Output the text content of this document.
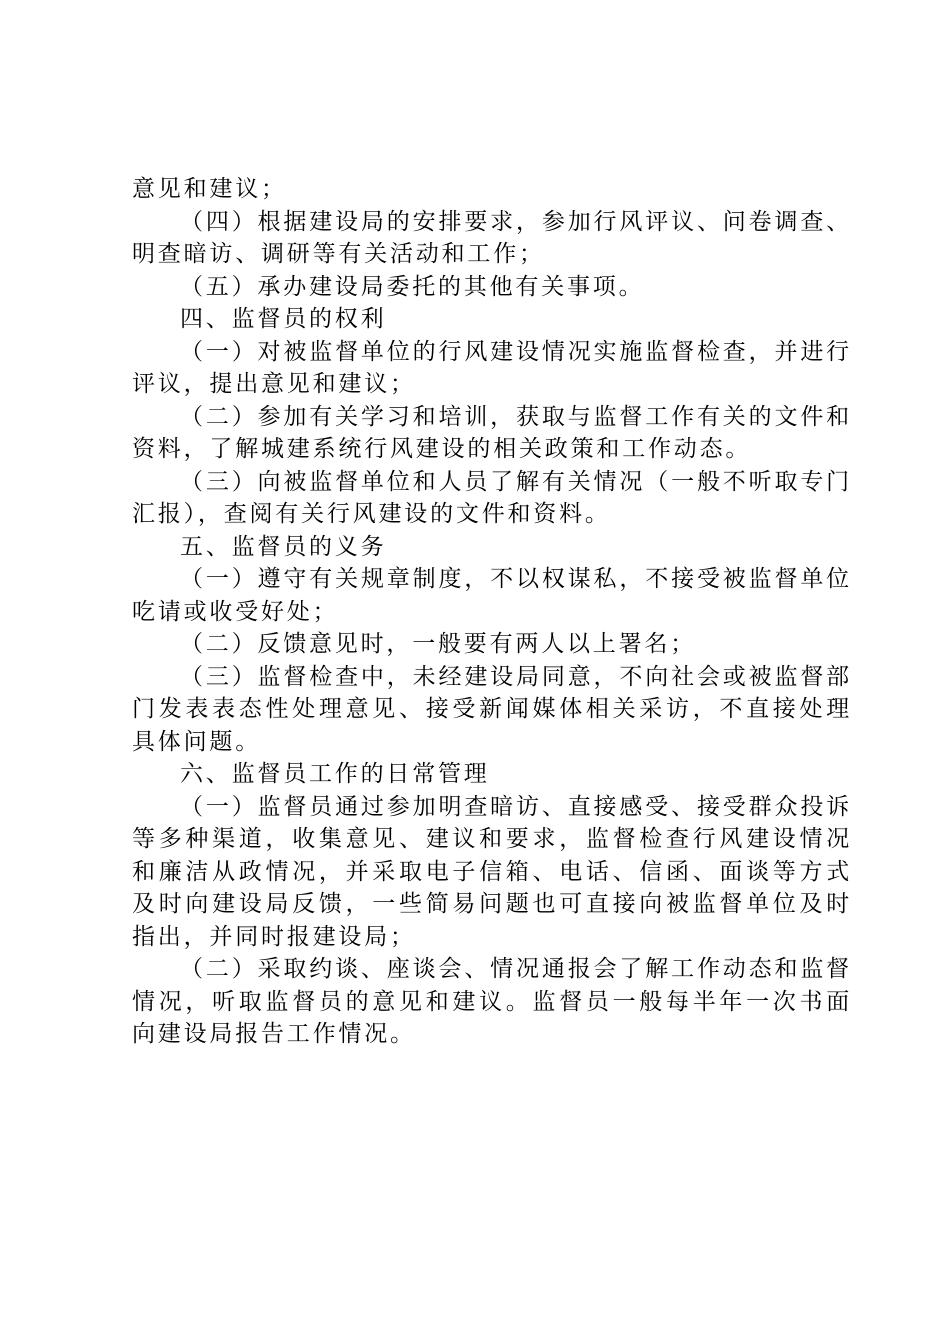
意见和建议；

（四）根据建设局的安排要求，参加行风评议、问卷调查、明查暗访、调研等有关活动和工作；

（五）承办建设局委托的其他有关事项。

四、监督员的权利

（一）对被监督单位的行风建设情况实施监督检查，并进行评议，提出意见和建议；

（二）参加有关学习和培训，获取与监督工作有关的文件和资料，了解城建系统行风建设的相关政策和工作动态。

（三）向被监督单位和人员了解有关情况（一般不听取专门汇报），查阅有关行风建设的文件和资料。

五、监督员的义务

（一）遵守有关规章制度，不以权谋私，不接受被监督单位吃请或收受好处；

（二）反馈意见时，一般要有两人以上署名；

（三）监督检查中，未经建设局同意，不向社会或被监督部门发表表态性处理意见、接受新闻媒体相关采访，不直接处理具体问题。

六、监督员工作的日常管理

（一）监督员通过参加明查暗访、直接感受、接受群众投诉等多种渠道，收集意见、建议和要求，监督检查行风建设情况和廉洁从政情况，并采取电子信箱、电话、信函、面谈等方式及时向建设局反馈，一些简易问题也可直接向被监督单位及时指出，并同时报建设局；

（二）采取约谈、座谈会、情况通报会了解工作动态和监督情况，听取监督员的意见和建议。监督员一般每半年一次书面向建设局报告工作情况。
